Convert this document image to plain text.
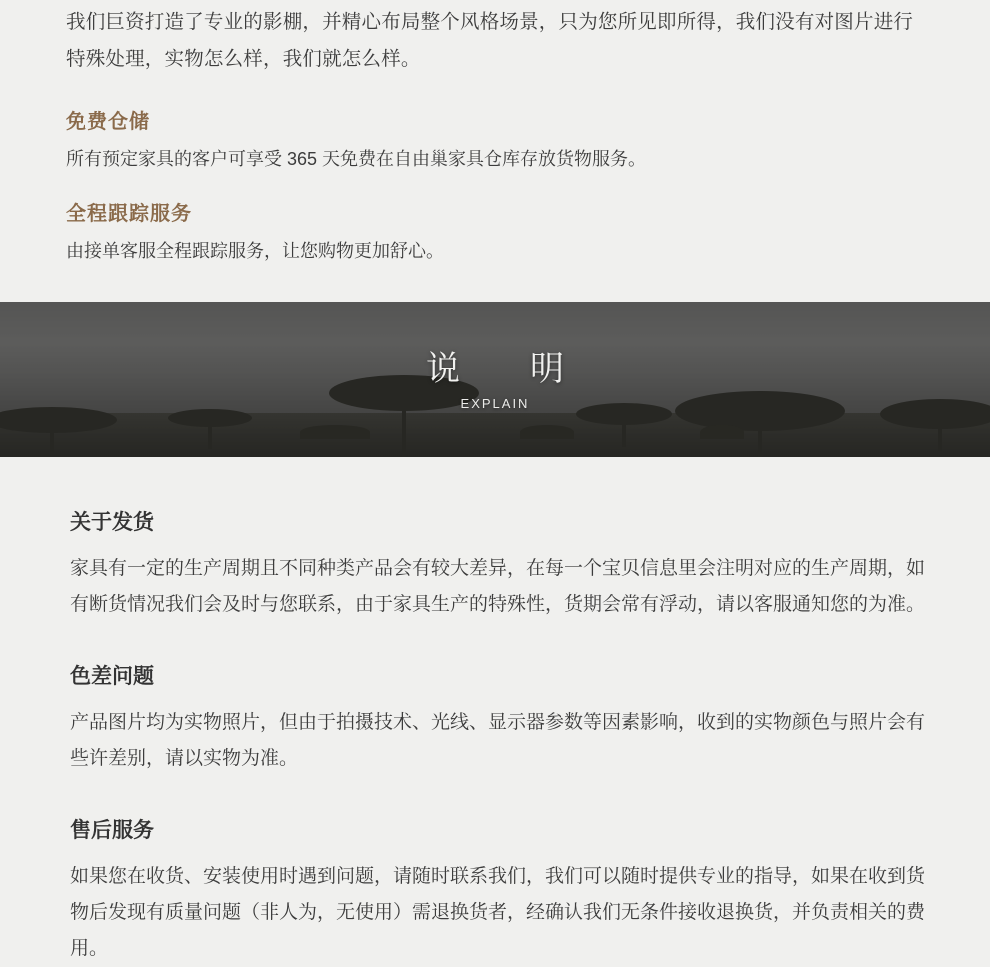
我们巨资打造了专业的影棚，并精心布局整个风格场景，只为您所见即所得，我们没有对图片进行特殊处理，实物怎么样，我们就怎么样。

免费仓储

所有预定家具的客户可享受 365 天免费在自由巢家具仓库存放货物服务。

全程跟踪服务

由接单客服全程跟踪服务，让您购物更加舒心。

说　明
EXPLAIN
关于发货

家具有一定的生产周期且不同种类产品会有较大差异，在每一个宝贝信息里会注明对应的生产周期，如有断货情况我们会及时与您联系，由于家具生产的特殊性，货期会常有浮动，请以客服通知您的为准。

色差问题

产品图片均为实物照片，但由于拍摄技术、光线、显示器参数等因素影响，收到的实物颜色与照片会有些许差别，请以实物为准。

售后服务

如果您在收货、安装使用时遇到问题，请随时联系我们，我们可以随时提供专业的指导，如果在收到货物后发现有质量问题（非人为，无使用）需退换货者，经确认我们无条件接收退换货，并负责相关的费用。
